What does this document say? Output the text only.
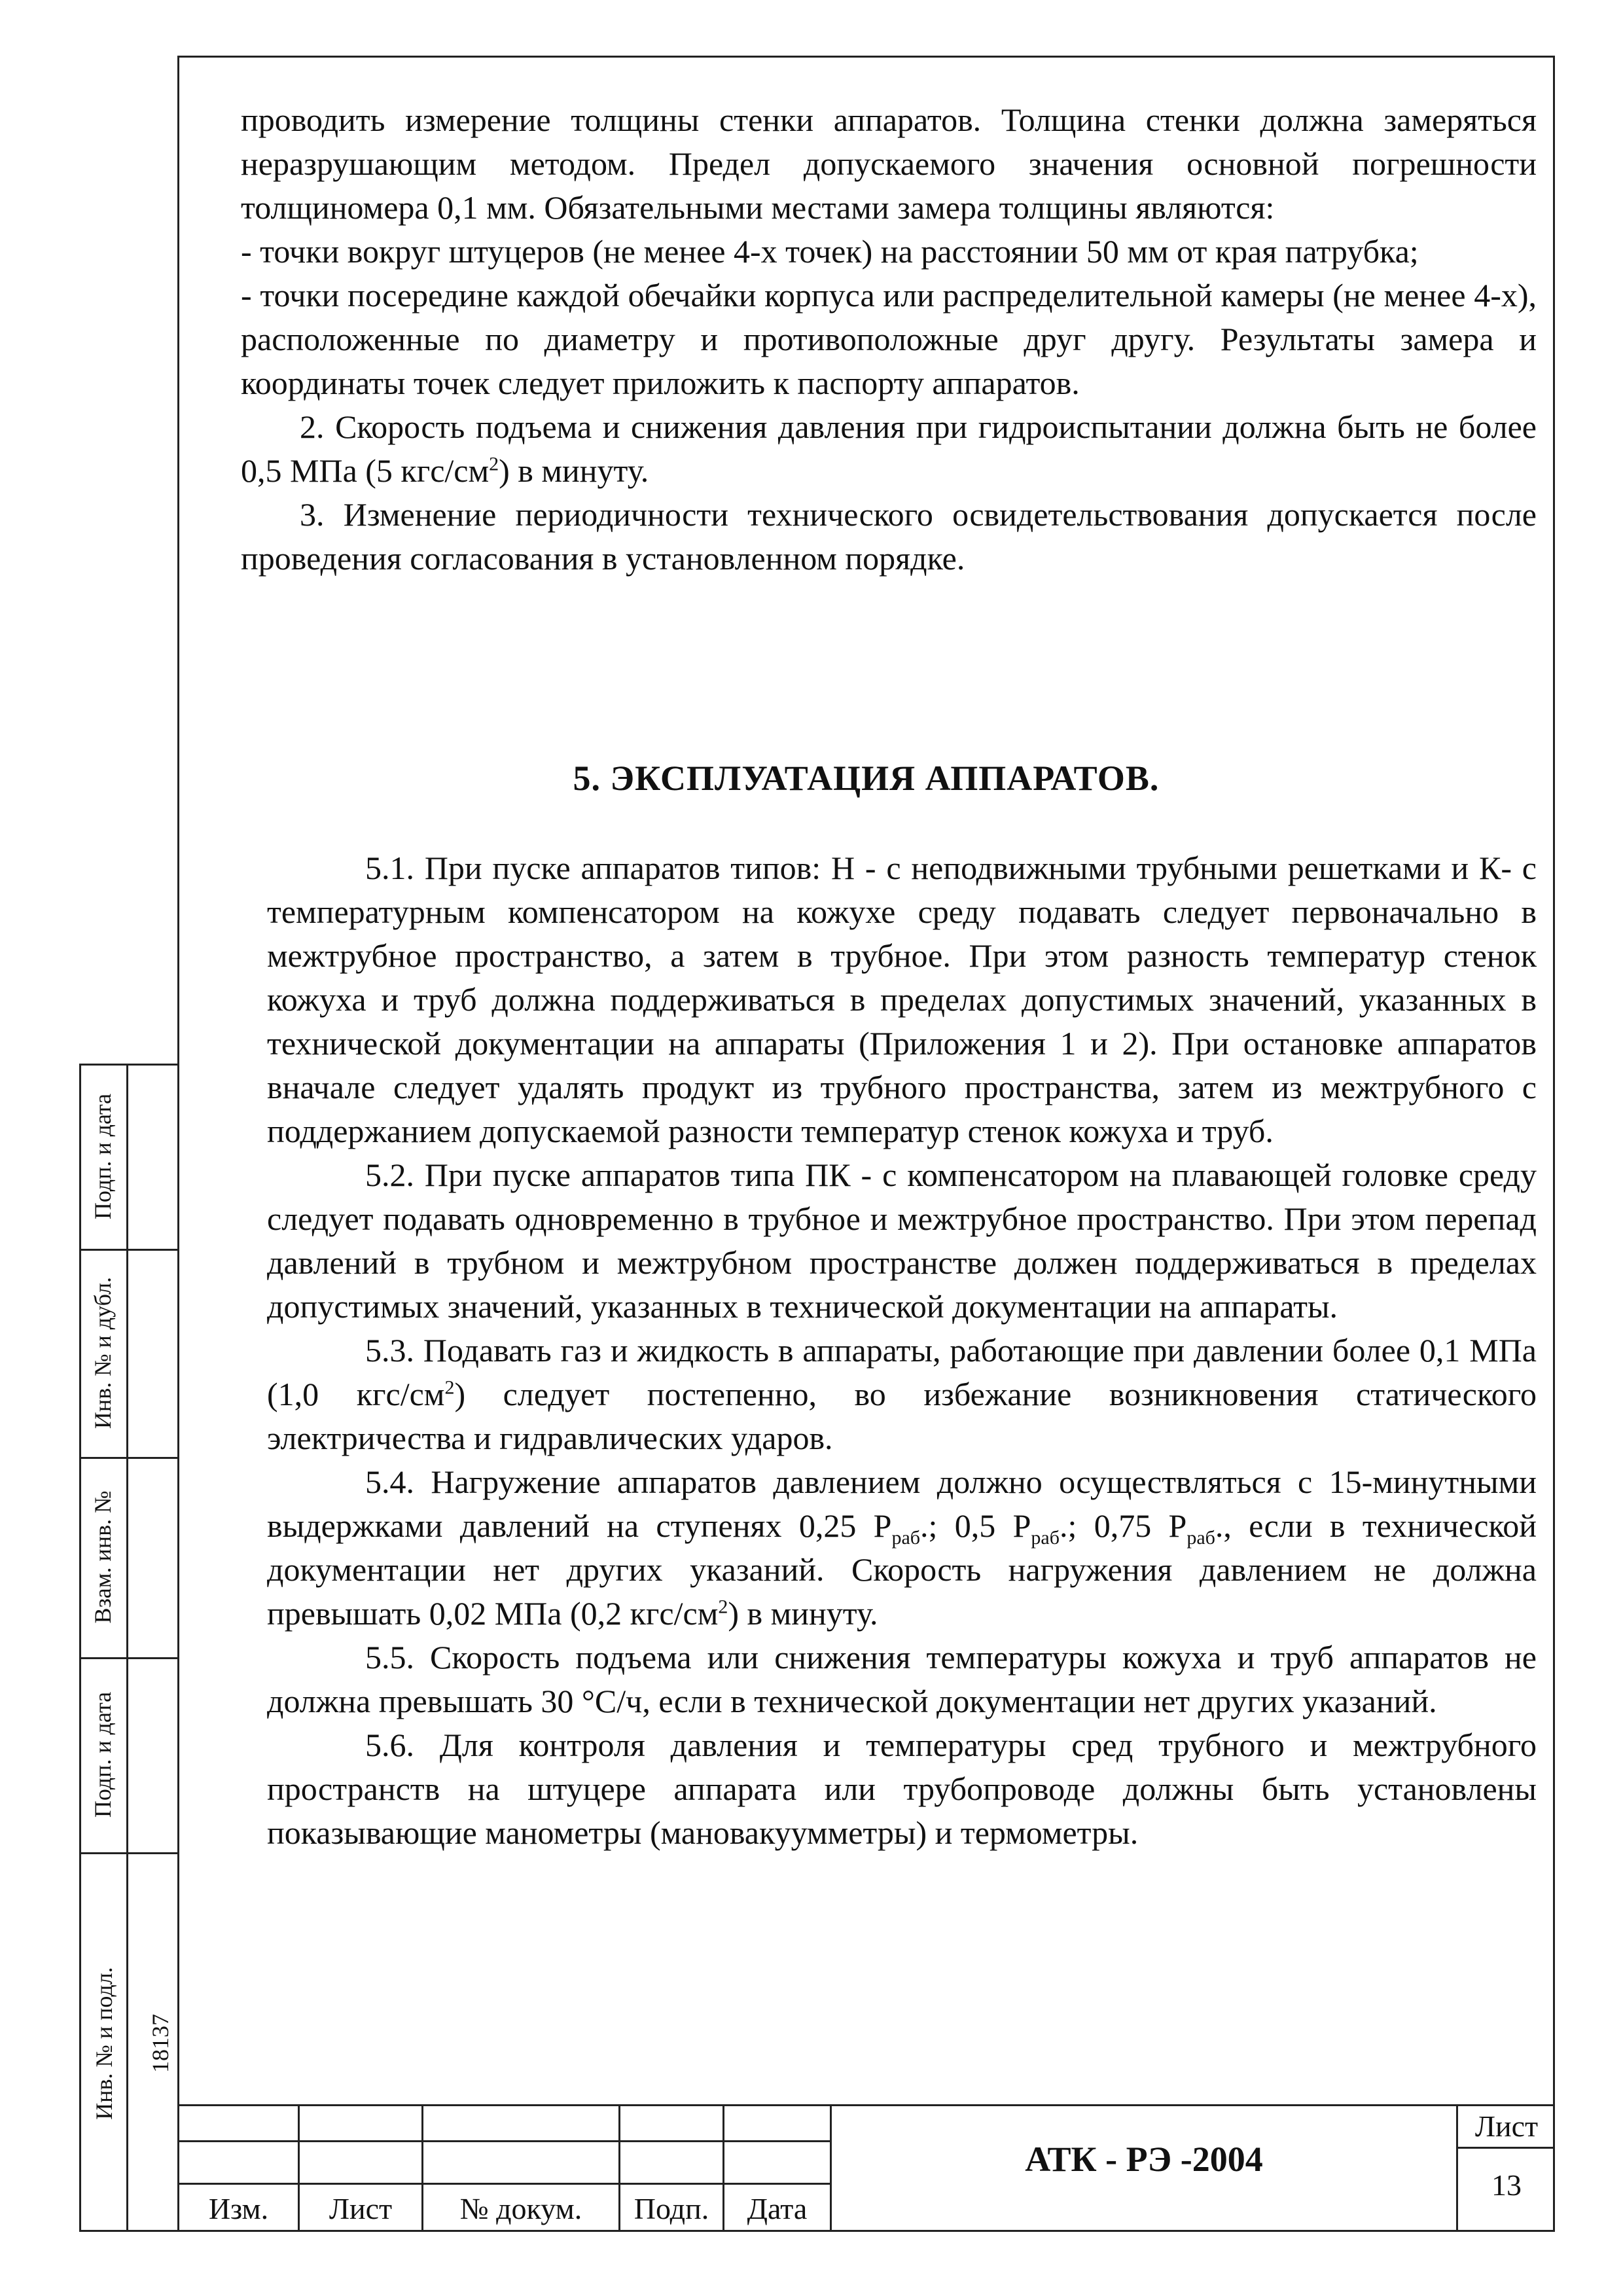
проводить измерение толщины стенки аппаратов. Толщина стенки должна замеряться неразрушающим методом. Предел допускаемого значения основной погрешности толщиномера 0,1 мм. Обязательными местами замера толщины являются:

- точки вокруг штуцеров (не менее 4-х точек) на расстоянии 50 мм от края патрубка;

- точки посередине каждой обечайки корпуса или распределительной камеры (не менее 4-х), расположенные по диаметру и противоположные друг другу. Результаты замера и координаты точек следует приложить к паспорту аппаратов.

2. Скорость подъема и снижения давления при гидроиспытании должна быть не более 0,5 МПа (5 кгс/$см^2$) в минуту.

3. Изменение периодичности технического освидетельствования допускается после проведения согласования в установленном порядке.

5. ЭКСПЛУАТАЦИЯ АППАРАТОВ.

5.1. При пуске аппаратов типов: Н - с неподвижными трубными решетками и К- с температурным компенсатором на кожухе среду подавать следует первоначально в межтрубное пространство, а затем в трубное. При этом разность температур стенок кожуха и труб должна поддерживаться в пределах допустимых значений, указанных в технической документации на аппараты (Приложения 1 и 2). При остановке аппаратов вначале следует удалять продукт из трубного пространства, затем из межтрубного с поддержанием допускаемой разности температур стенок кожуха и труб.

5.2. При пуске аппаратов типа ПК - с компенсатором на плавающей головке среду следует подавать одновременно в трубное и межтрубное пространство. При этом перепад давлений в трубном и межтрубном пространстве должен поддерживаться в пределах допустимых значений, указанных в технической документации на аппараты.

5.3. Подавать газ и жидкость в аппараты, работающие при давлении более 0,1 МПа (1,0 кгс/$см^2$) следует постепенно, во избежание возникновения статического электричества и гидравлических ударов.

5.4. Нагружение аппаратов давлением должно осуществляться с 15-минутными выдержками давлений на ступенях 0,25 $Р_{раб}$.; 0,5 $Р_{раб}$.; 0,75 $Р_{раб}$., если в технической документации нет других указаний. Скорость нагружения давлением не должна превышать 0,02 МПа (0,2 кгс/$см^2$) в минуту.

5.5. Скорость подъема или снижения температуры кожуха и труб аппаратов не должна превышать 30 °С/ч, если в технической документации нет других указаний.

5.6. Для контроля давления и температуры сред трубного и межтрубного пространств на штуцере аппарата или трубопроводе должны быть установлены показывающие манометры (мановакуумметры) и термометры.

Подп. и дата
Инв. № и дубл.
Взам. инв. №
Подп. и дата
Инв. № и подл. 18137
Изм.	Лист	№ докум.	Подп.	Дата
АТК - РЭ -2004
Лист
13
